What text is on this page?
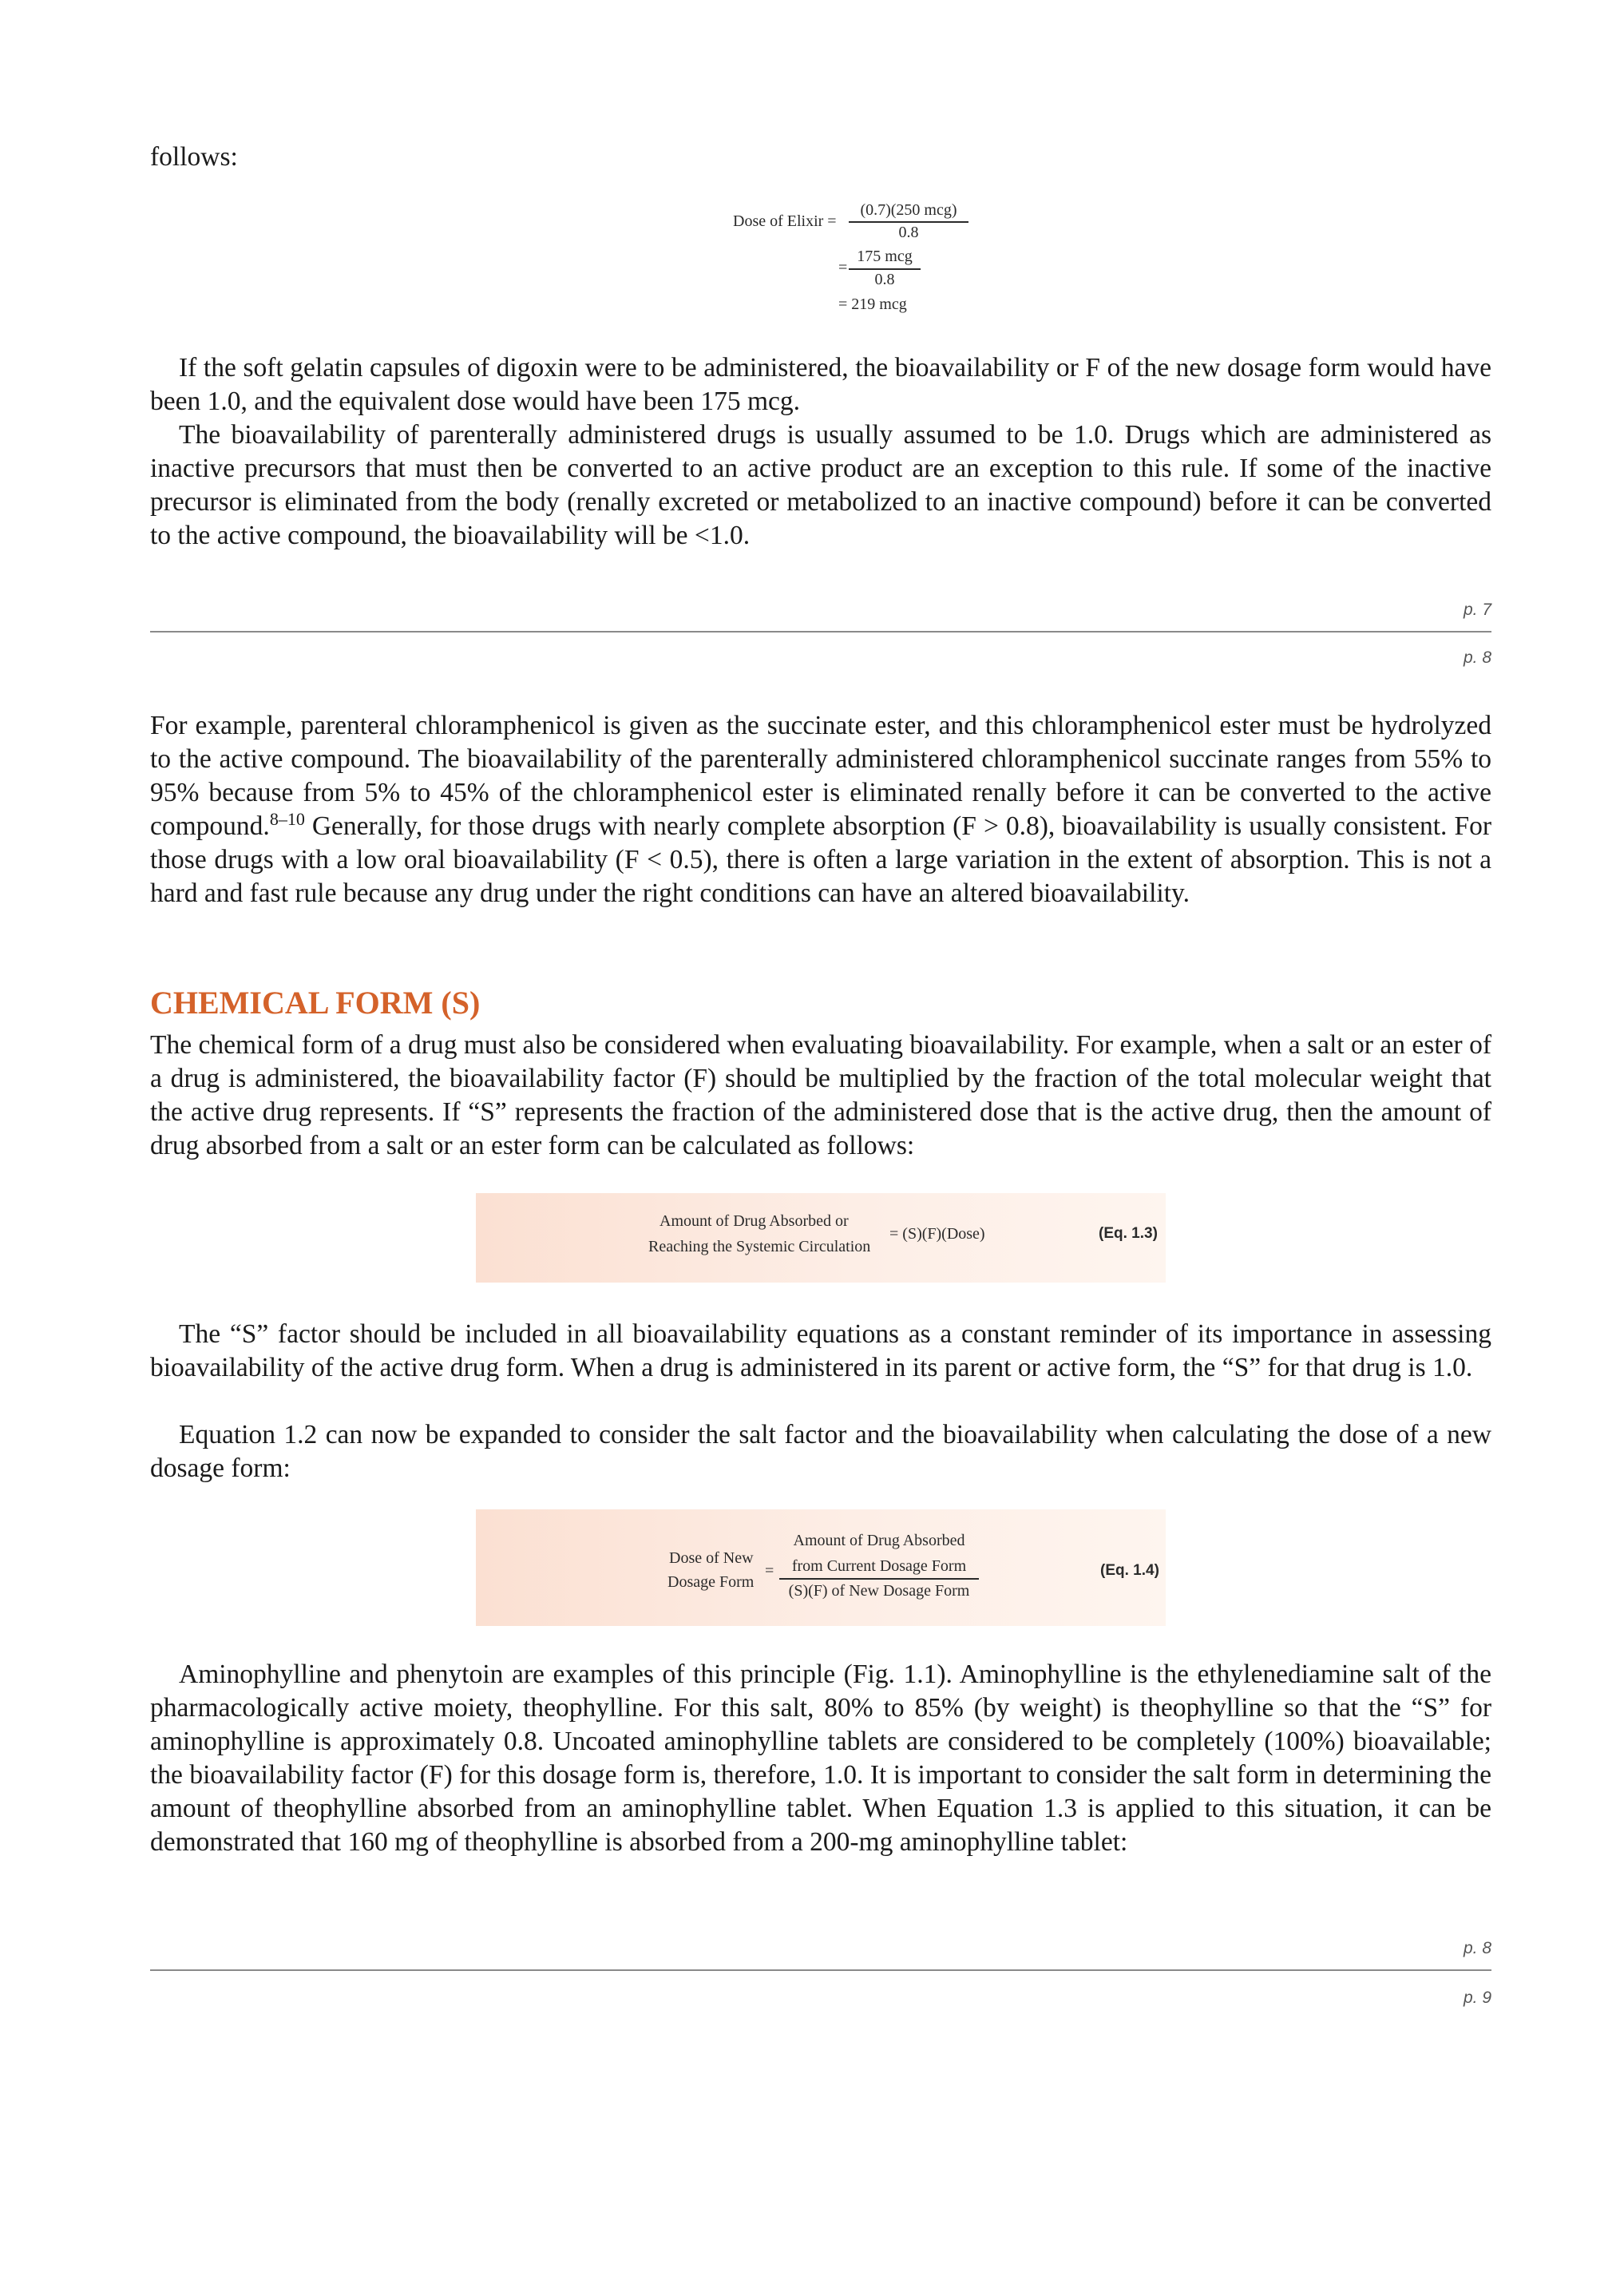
follows:

Dose of Elixir =
(0.7)(250 mcg)
0.8
=
175 mcg
0.8
= 219 mcg

If the soft gelatin capsules of digoxin were to be administered, the bioavailability or F of the new dosage form would have been 1.0, and the equivalent dose would have been 175 mcg.

The bioavailability of parenterally administered drugs is usually assumed to be 1.0. Drugs which are administered as inactive precursors that must then be converted to an active product are an exception to this rule. If some of the inactive precursor is eliminated from the body (renally excreted or metabolized to an inactive compound) before it can be converted to the active compound, the bioavailability will be <1.0.

p. 7
p. 8

For example, parenteral chloramphenicol is given as the succinate ester, and this chloramphenicol ester must be hydrolyzed to the active compound. The bioavailability of the parenterally administered chloramphenicol succinate ranges from 55% to 95% because from 5% to 45% of the chloramphenicol ester is eliminated renally before it can be converted to the active compound.$^{8-10}$ Generally, for those drugs with nearly complete absorption (F > 0.8), bioavailability is usually consistent. For those drugs with a low oral bioavailability (F < 0.5), there is often a large variation in the extent of absorption. This is not a hard and fast rule because any drug under the right conditions can have an altered bioavailability.

CHEMICAL FORM (S)

The chemical form of a drug must also be considered when evaluating bioavailability. For example, when a salt or an ester of a drug is administered, the bioavailability factor (F) should be multiplied by the fraction of the total molecular weight that the active drug represents. If “S” represents the fraction of the administered dose that is the active drug, then the amount of drug absorbed from a salt or an ester form can be calculated as follows:

Amount of Drug Absorbed or
Reaching the Systemic Circulation
= (S)(F)(Dose)	(Eq. 1.3)

The “S” factor should be included in all bioavailability equations as a constant reminder of its importance in assessing bioavailability of the active drug form. When a drug is administered in its parent or active form, the “S” for that drug is 1.0.

Equation 1.2 can now be expanded to consider the salt factor and the bioavailability when calculating the dose of a new dosage form:

Dose of New
Dosage Form
=
Amount of Drug Absorbed
from Current Dosage Form
(S)(F) of New Dosage Form
(Eq. 1.4)

Aminophylline and phenytoin are examples of this principle (Fig. 1.1). Aminophylline is the ethylenediamine salt of the pharmacologically active moiety, theophylline. For this salt, 80% to 85% (by weight) is theophylline so that the “S” for aminophylline is approximately 0.8. Uncoated aminophylline tablets are considered to be completely (100%) bioavailable; the bioavailability factor (F) for this dosage form is, therefore, 1.0. It is important to consider the salt form in determining the amount of theophylline absorbed from an aminophylline tablet. When Equation 1.3 is applied to this situation, it can be demonstrated that 160 mg of theophylline is absorbed from a 200-mg aminophylline tablet:

p. 8
p. 9
